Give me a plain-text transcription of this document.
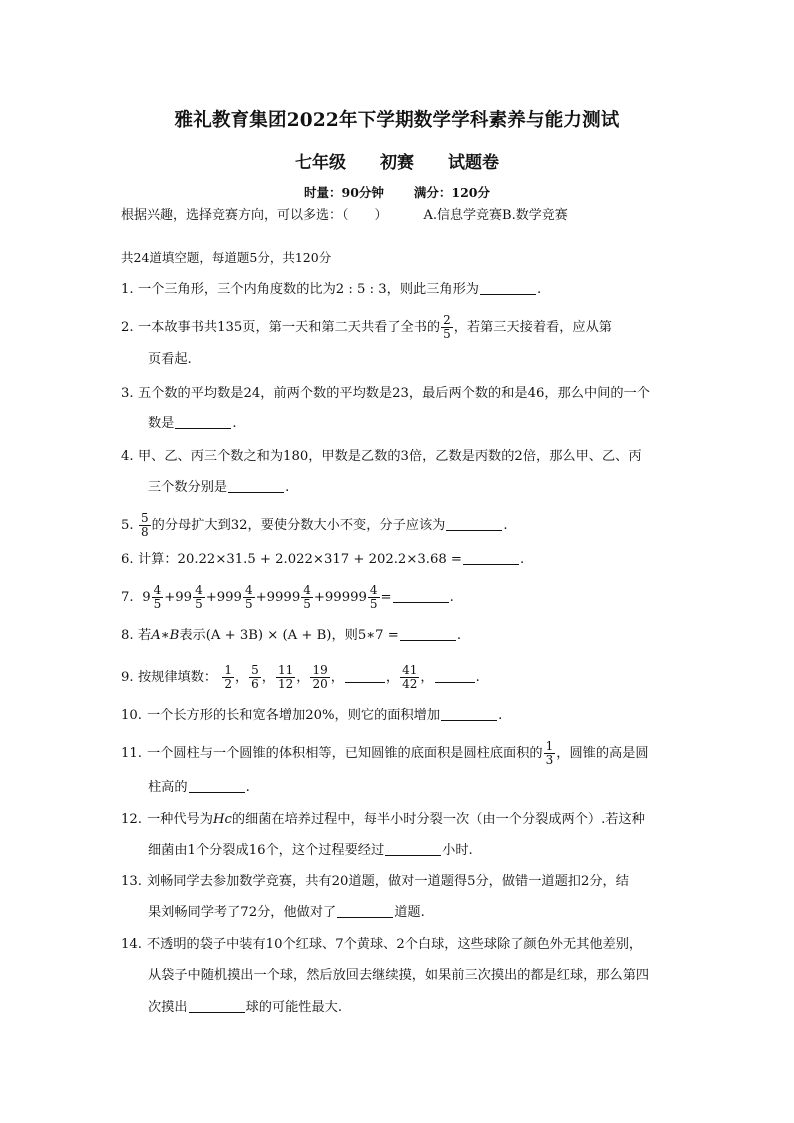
雅礼教育集团2022年下学期数学学科素养与能力测试
七年级 初赛 试题卷
时量：90分钟 满分：120分
根据兴趣，选择竞赛方向，可以多选：（　　）	A.信息学竞赛B.数学竞赛
共24道填空题，每道题5分，共120分
1. 一个三角形，三个内角度数的比为2 : 5 : 3，则此三角形为	.
2. 一本故事书共135页，第一天和第二天共看了全书的 $\frac{2}{5}$ ，若第三天接着看，应从第
页看起.
3. 五个数的平均数是24，前两个数的平均数是23，最后两个数的和是46，那么中间的一个
数是	.
4. 甲、乙、丙三个数之和为180，甲数是乙数的3倍，乙数是丙数的2倍，那么甲、乙、丙
三个数分别是	.
5. $\frac{5}{8}$ 的分母扩大到32，要使分数大小不变，分子应该为	.
6. 计算：20.22×31.5 + 2.022×317 + 202.2×3.68 =	.
7. $9 \frac{4}{5} +99 \frac{4}{5} +999 \frac{4}{5} +9999 \frac{4}{5} +99999 \frac{4}{5}$ =	.
8. 若A∗B表示(A + 3B) × (A + B)，则5∗7 =	.
9. 按规律填数： $\frac{1}{2}$ ， $\frac{5}{6}$ ， $\frac{11}{12}$ ， $\frac{19}{20}$ ，	， $\frac{41}{42}$ ，	.
10. 一个长方形的长和宽各增加20%，则它的面积增加	.
11. 一个圆柱与一个圆锥的体积相等，已知圆锥的底面积是圆柱底面积的 $\frac{1}{3}$ ，圆锥的高是圆
柱高的	.
12. 一种代号为Hc的细菌在培养过程中，每半小时分裂一次（由一个分裂成两个）.若这种
细菌由1个分裂成16个，这个过程要经过	小时.
13. 刘畅同学去参加数学竞赛，共有20道题，做对一道题得5分，做错一道题扣2分，结
果刘畅同学考了72分，他做对了	道题.
14. 不透明的袋子中装有10个红球、7个黄球、2个白球，这些球除了颜色外无其他差别，
从袋子中随机摸出一个球，然后放回去继续摸，如果前三次摸出的都是红球，那么第四
次摸出	球的可能性最大.
